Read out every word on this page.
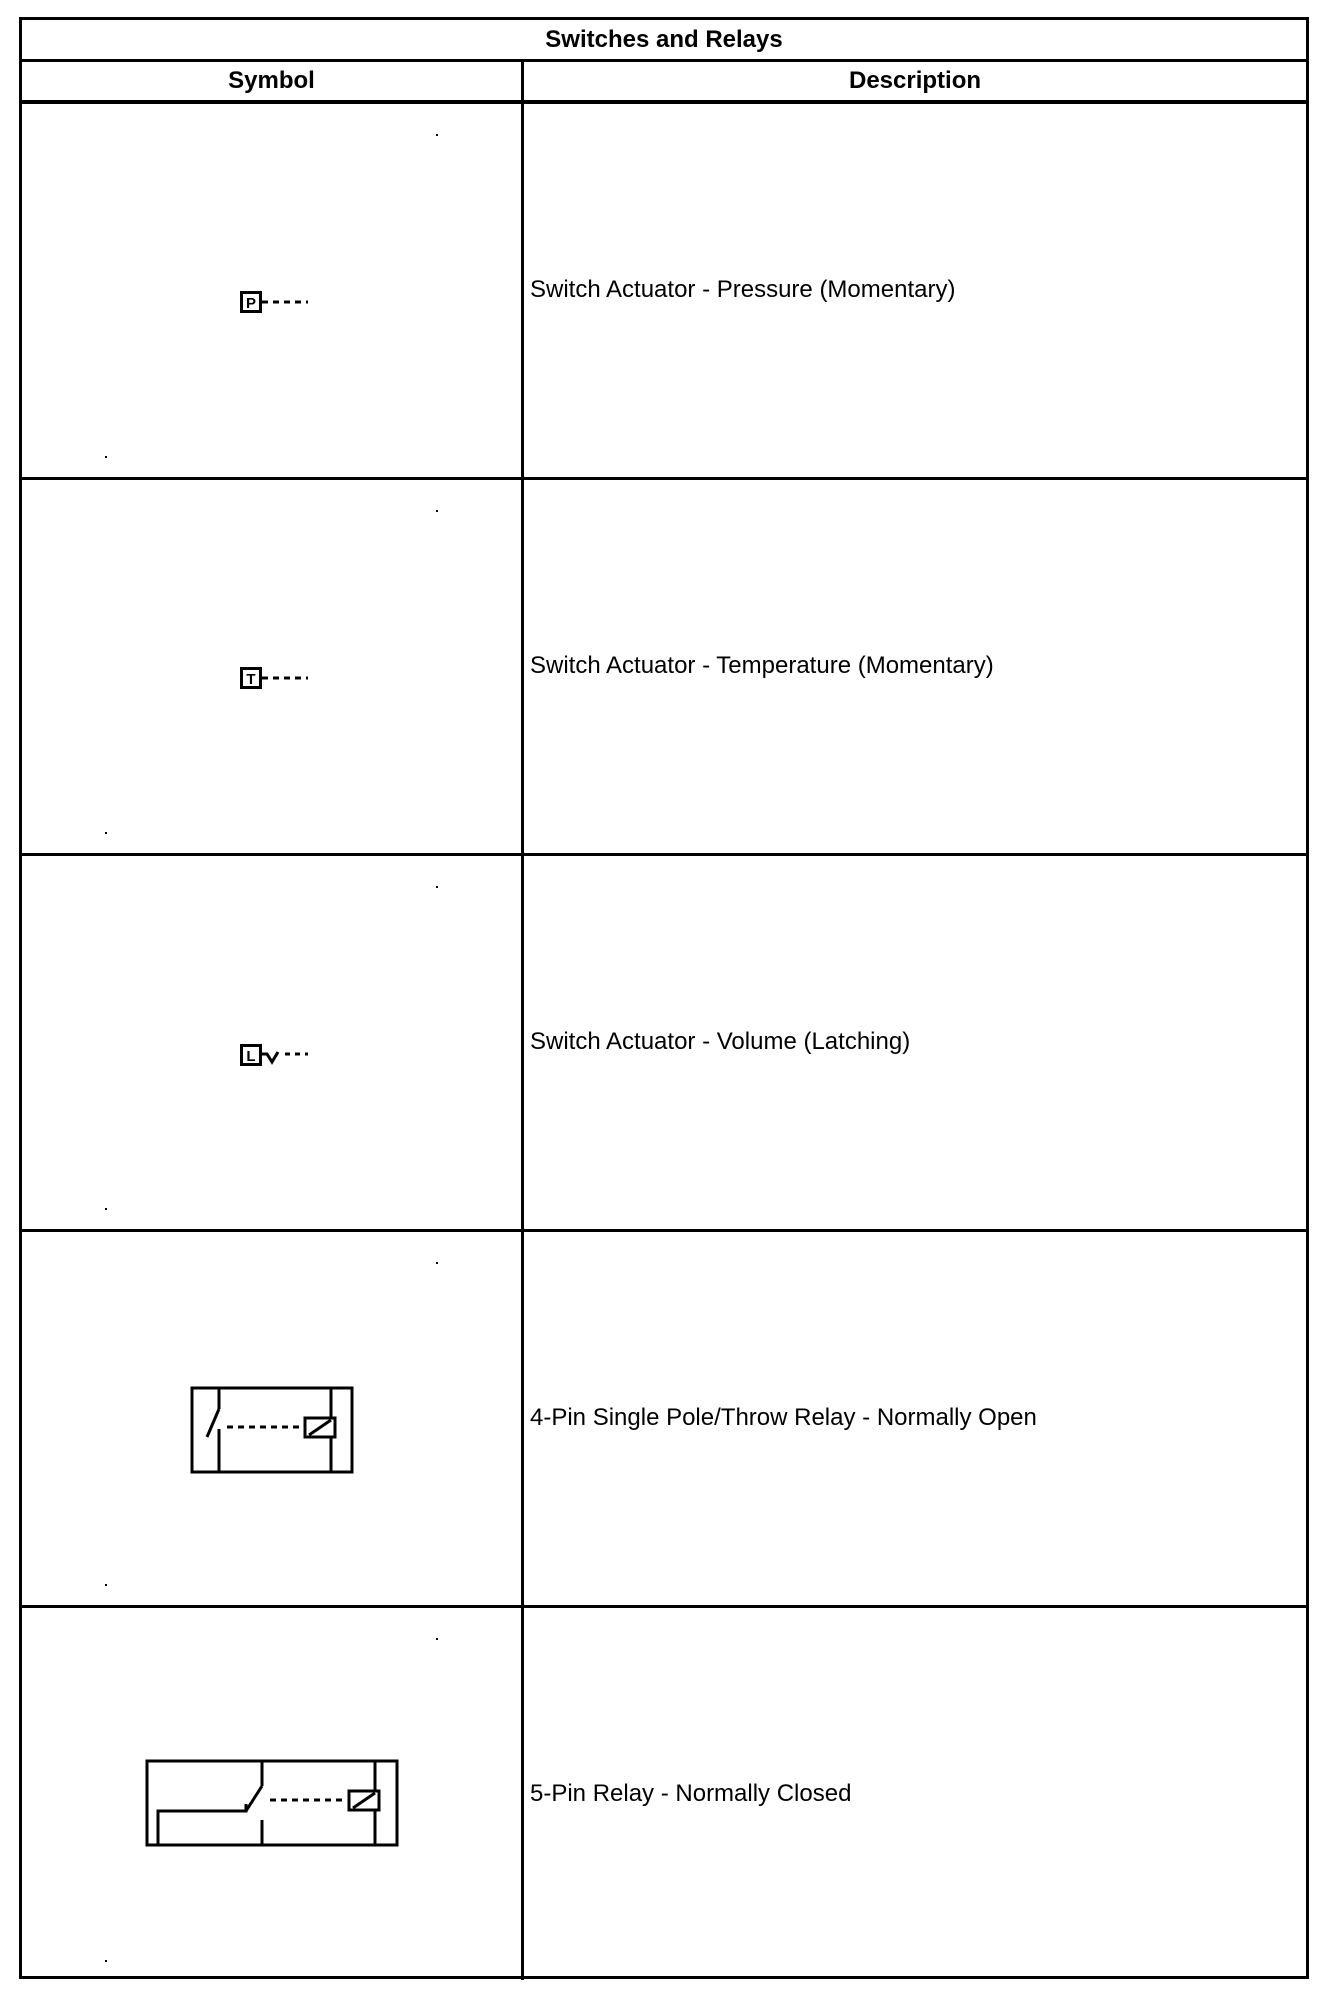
Switches and Relays
Symbol	Description
P
Switch Actuator - Pressure (Momentary)
T
Switch Actuator - Temperature (Momentary)
L
Switch Actuator - Volume (Latching)
4-Pin Single Pole/Throw Relay - Normally Open
5-Pin Relay - Normally Closed
